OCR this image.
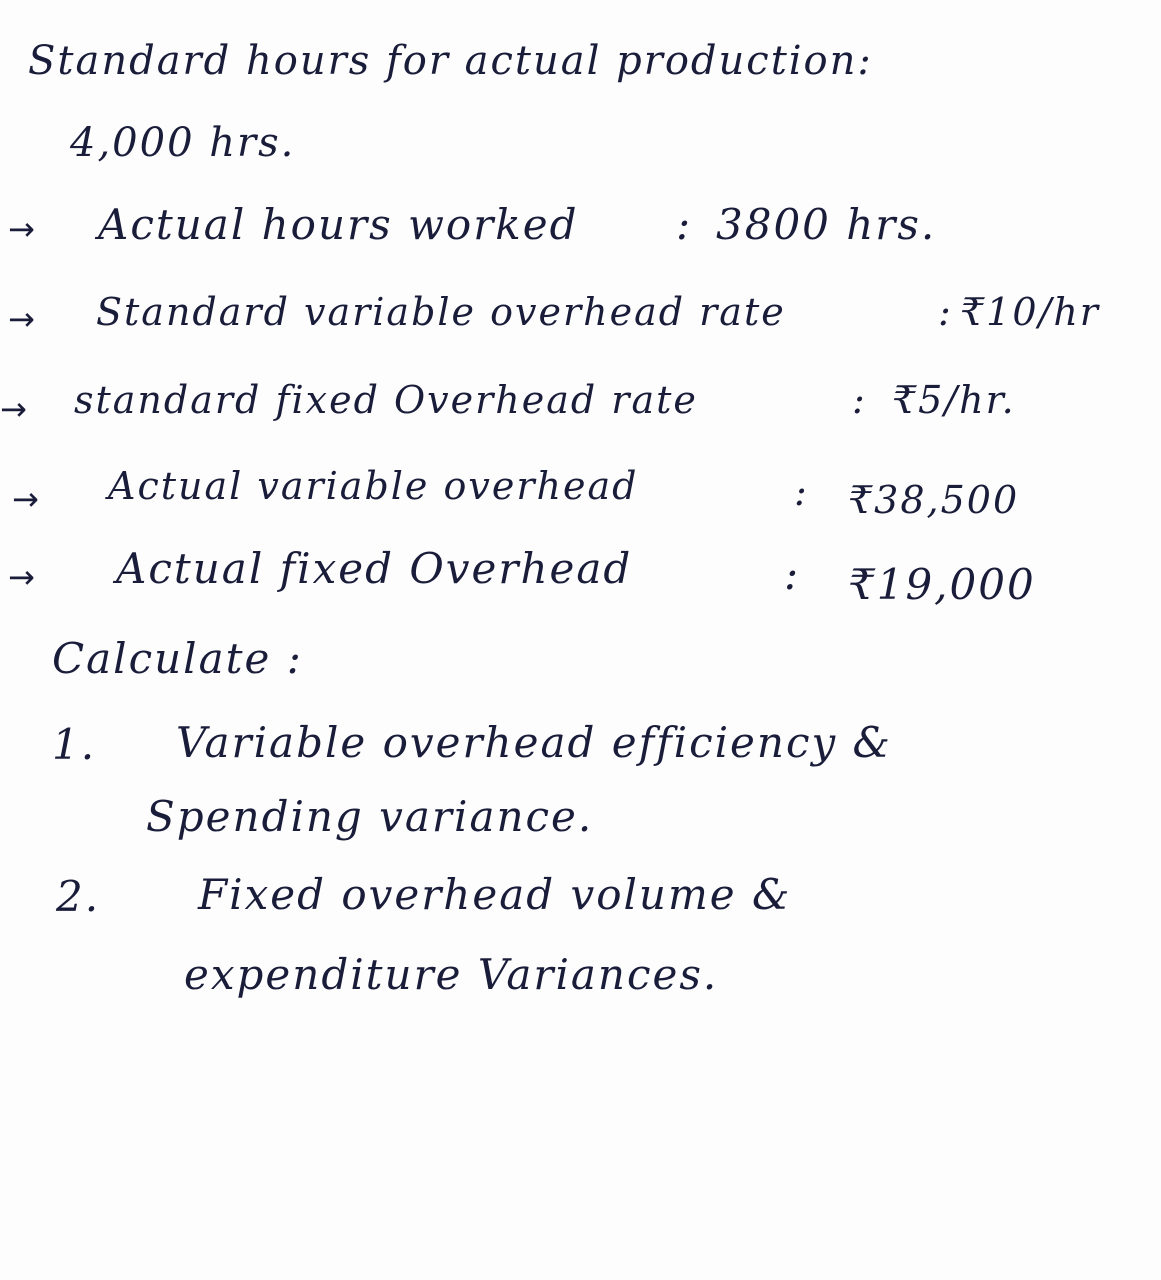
Standard hours for actual production:
4,000 hrs.
→ Actual hours worked : 3800 hrs.
→ Standard variable overhead rate	: ₹10/hr
→ standard fixed Overhead rate	: ₹5/hr.
→ Actual variable overhead	: ₹38,500
→ Actual fixed Overhead	: ₹19,000
Calculate :
1. Variable overhead efficiency &
Spending variance.
2. Fixed overhead volume &
expenditure Variances.
